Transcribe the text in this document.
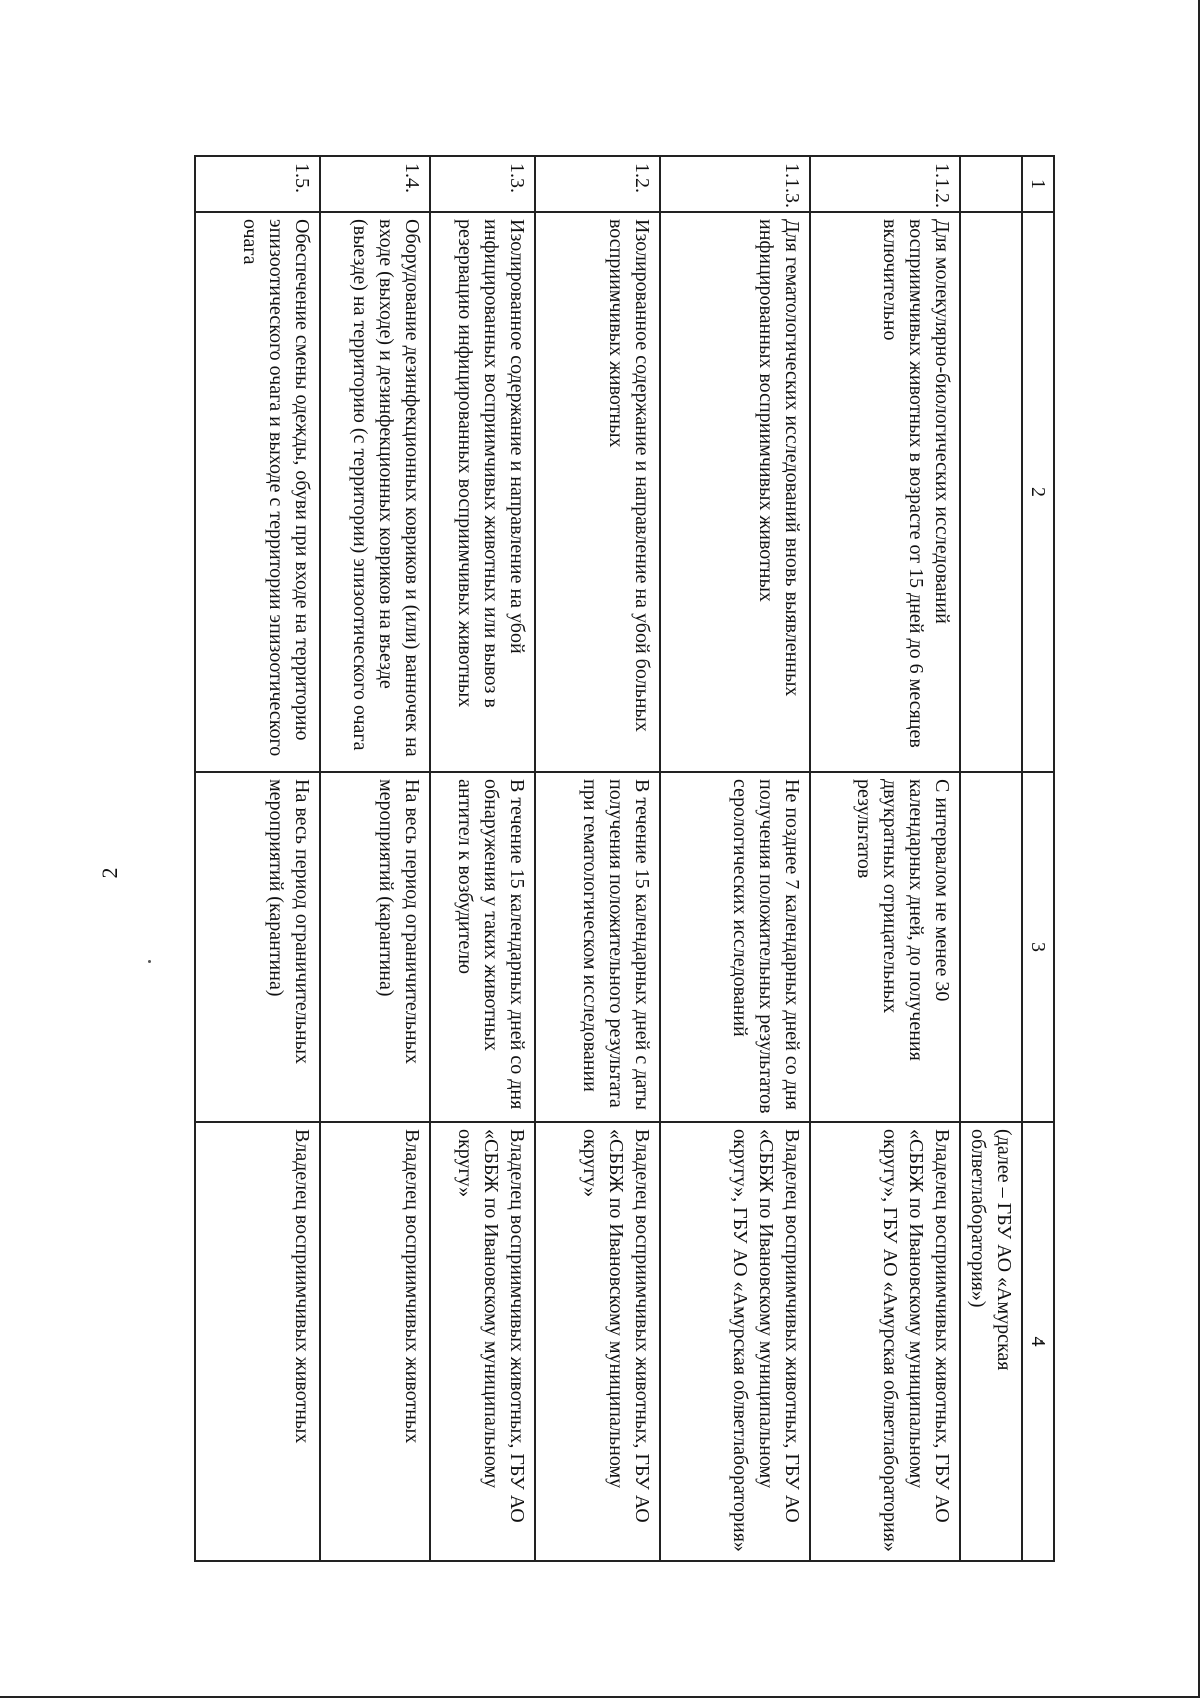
2
1	2	3	4
			(далее – ГБУ АО «Амурская облветлаборатория»)
1.1.2.	Для молекулярно-биологических исследований восприимчивых животных в возрасте от 15 дней до 6 месяцев включительно	С интервалом не менее 30 календарных дней, до получения двукратных отрицательных результатов	Владелец восприимчивых животных, ГБУ АО «СББЖ по Ивановскому муниципальному округу», ГБУ АО «Амурская облветлаборатория»
1.1.3.	Для гематологических исследований вновь выявленных инфицированных восприимчивых животных	Не позднее 7 календарных дней со дня получения положительных результатов серологических исследований	Владелец восприимчивых животных, ГБУ АО «СББЖ по Ивановскому муниципальному округу», ГБУ АО «Амурская облветлаборатория»
1.2.	Изолированное содержание и направление на убой больных восприимчивых животных	В течение 15 календарных дней с даты получения положительного результата при гематологическом исследовании	Владелец восприимчивых животных, ГБУ АО «СББЖ по Ивановскому муниципальному округу»
1.3.	Изолированное содержание и направление на убой инфицированных восприимчивых животных или вывоз в резервацию инфицированных восприимчивых животных	В течение 15 календарных дней со дня обнаружения у таких животных антител к возбудителю	Владелец восприимчивых животных, ГБУ АО «СББЖ по Ивановскому муниципальному округу»
1.4.	Оборудование дезинфекционных ковриков и (или) ванночек на входе (выходе) и дезинфекционных ковриков на въезде (выезде) на территорию (с территории) эпизоотического очага	На весь период ограничительных мероприятий (карантина)	Владелец восприимчивых животных
1.5.	Обеспечение смены одежды, обуви при входе на территорию эпизоотического очага и выходе с территории эпизоотического очага	На весь период ограничительных мероприятий (карантина)	Владелец восприимчивых животных
